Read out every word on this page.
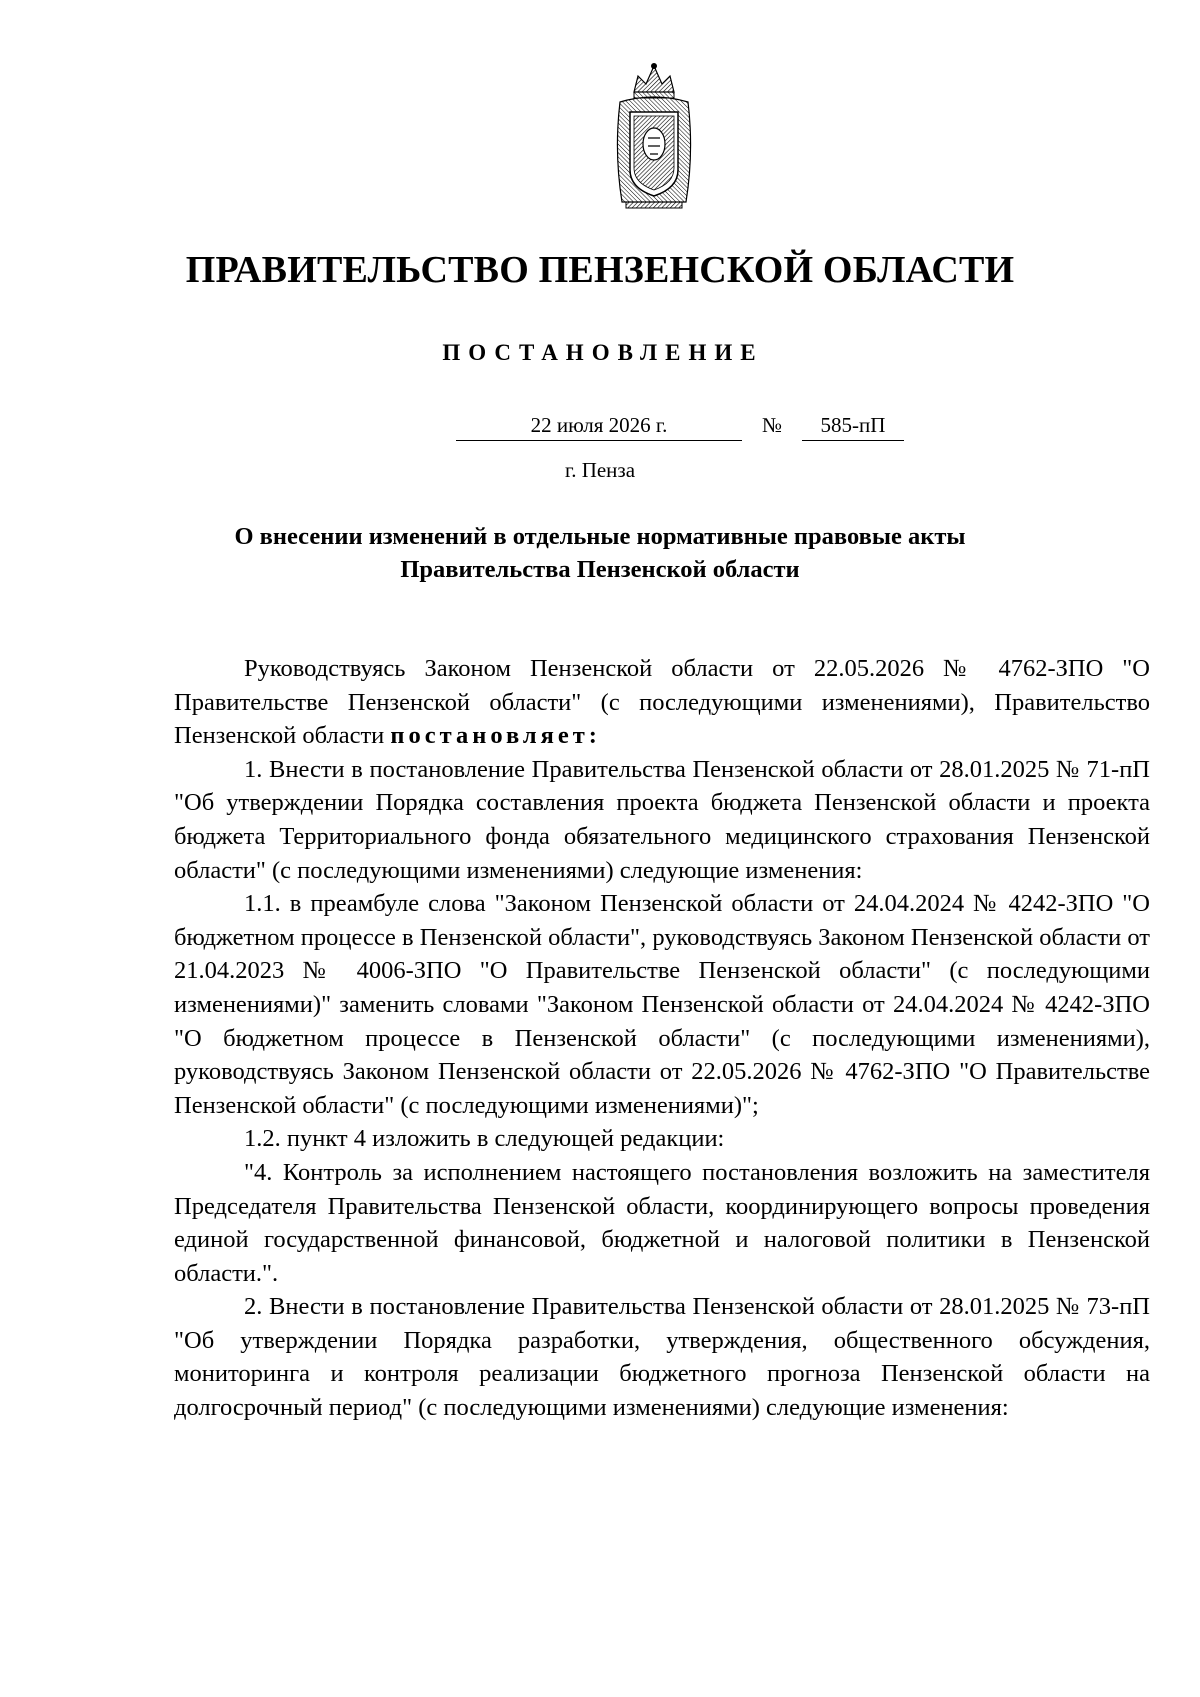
ПРАВИТЕЛЬСТВО ПЕНЗЕНСКОЙ ОБЛАСТИ
ПОСТАНОВЛЕНИЕ
22 июля 2026 г.	№	585-пП
г. Пенза
О внесении изменений в отдельные нормативные правовые акты
Правительства Пензенской области

Руководствуясь Законом Пензенской области от 22.05.2026 № 4762-ЗПО "О Правительстве Пензенской области" (с последующими изменениями), Правительство Пензенской области постановляет:

1. Внести в постановление Правительства Пензенской области от 28.01.2025 № 71-пП "Об утверждении Порядка составления проекта бюджета Пензенской области и проекта бюджета Территориального фонда обязательного медицинского страхования Пензенской области" (с последующими изменениями) следующие изменения:

1.1. в преамбуле слова "Законом Пензенской области от 24.04.2024 № 4242-ЗПО "О бюджетном процессе в Пензенской области", руководствуясь Законом Пензенской области от 21.04.2023 № 4006-ЗПО "О Правительстве Пензенской области" (с последующими изменениями)" заменить словами "Законом Пензенской области от 24.04.2024 № 4242-ЗПО "О бюджетном процессе в Пензенской области" (с последующими изменениями), руководствуясь Законом Пензенской области от 22.05.2026 № 4762-ЗПО "О Правительстве Пензенской области" (с последующими изменениями)";

1.2. пункт 4 изложить в следующей редакции:

"4. Контроль за исполнением настоящего постановления возложить на заместителя Председателя Правительства Пензенской области, координирующего вопросы проведения единой государственной финансовой, бюджетной и налоговой политики в Пензенской области.".

2. Внести в постановление Правительства Пензенской области от 28.01.2025 № 73-пП "Об утверждении Порядка разработки, утверждения, общественного обсуждения, мониторинга и контроля реализации бюджетного прогноза Пензенской области на долгосрочный период" (с последующими изменениями) следующие изменения:
